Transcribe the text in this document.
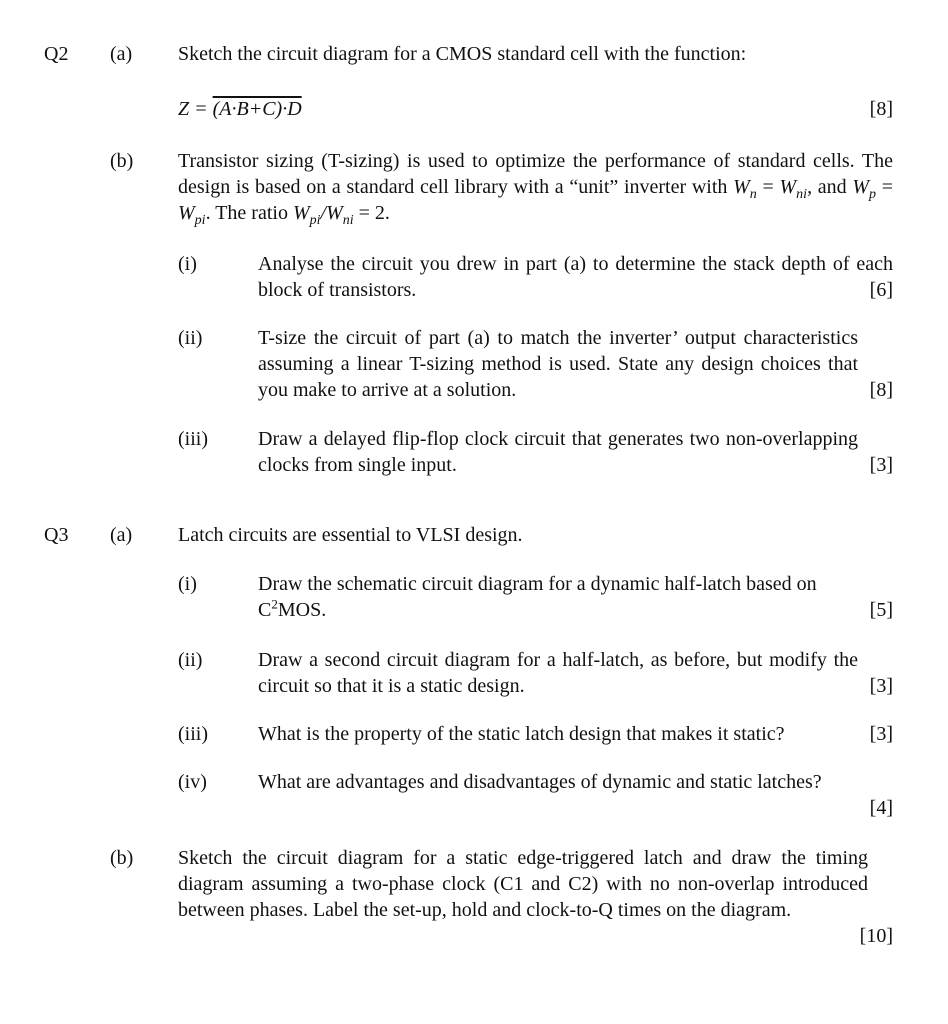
Q2 (a) Sketch the circuit diagram for a CMOS standard cell with the function:
Z = (A·B+C)·D	[8]
(b) Transistor sizing (T-sizing) is used to optimize the performance of standard cells. The design is based on a standard cell library with a “unit” inverter with $W_n = W_{ni}$, and $W_p = W_{pi}$. The ratio $W_{pi}/W_{ni} = 2$.
(i)	Analyse the circuit you drew in part (a) to determine the stack depth of each block of transistors.	[6]
(ii)	T-size the circuit of part (a) to match the inverter’ output characteristics assuming a linear T-sizing method is used. State any design choices that you make to arrive at a solution.	[8]
(iii)	Draw a delayed flip-flop clock circuit that generates two non-overlapping clocks from single input.	[3]
Q3 (a) Latch circuits are essential to VLSI design.
(i)	Draw the schematic circuit diagram for a dynamic half-latch based on
$C^2MOS$.	[5]
(ii)	Draw a second circuit diagram for a half-latch, as before, but modify the circuit so that it is a static design.	[3]
(iii)	What is the property of the static latch design that makes it static?	[3]
(iv)	What are advantages and disadvantages of dynamic and static latches?
[4]
(b) Sketch the circuit diagram for a static edge-triggered latch and draw the timing diagram assuming a two-phase clock (C1 and C2) with no non-overlap introduced between phases. Label the set-up, hold and clock-to-Q times on the diagram.
[10]
